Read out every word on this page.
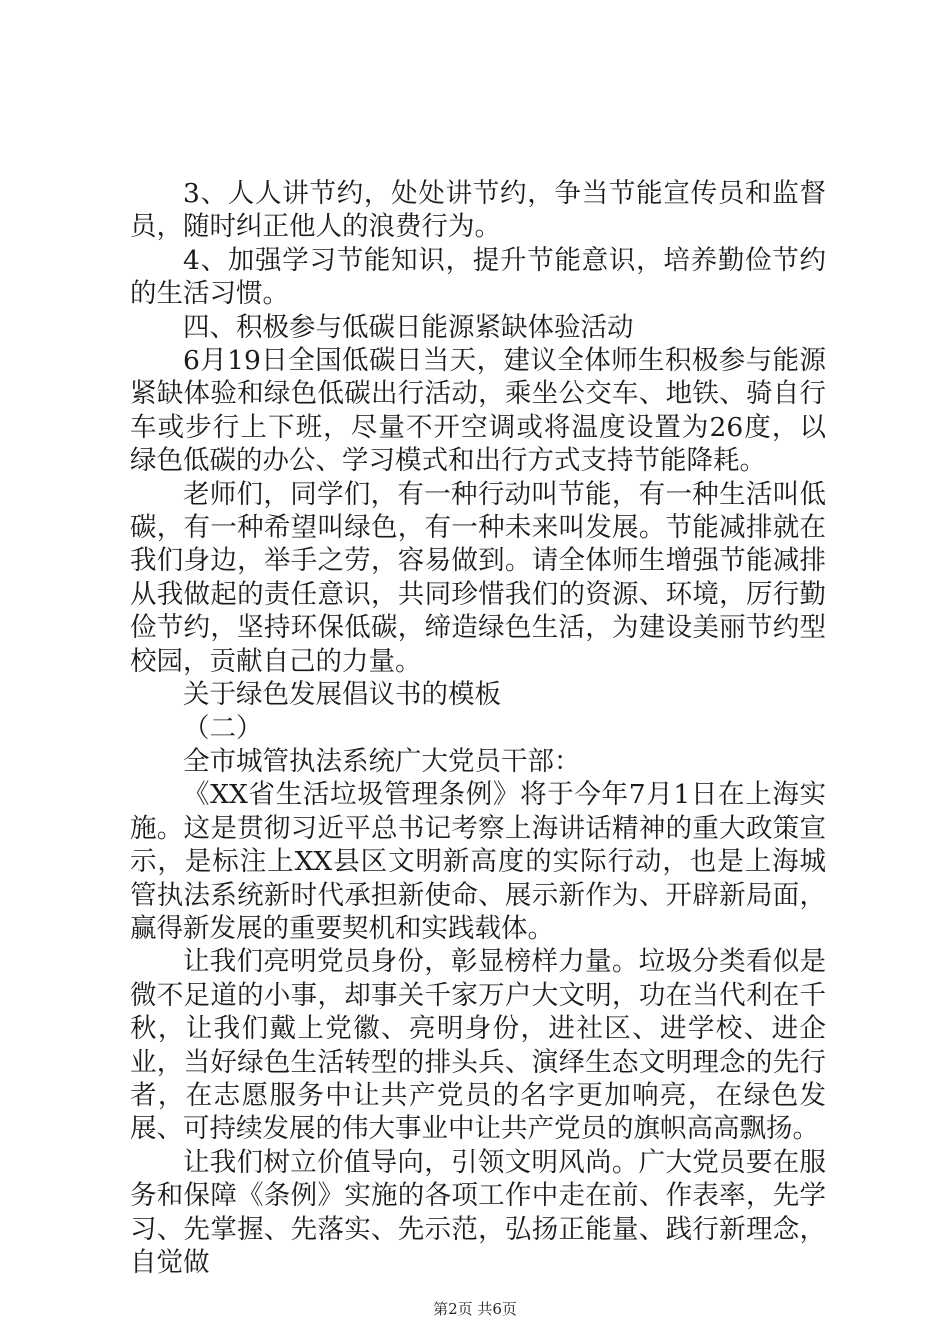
3、人人讲节约，处处讲节约，争当节能宣传员和监督员，随时纠正他人的浪费行为。

4、加强学习节能知识，提升节能意识，培养勤俭节约的生活习惯。

四、积极参与低碳日能源紧缺体验活动

6月19日全国低碳日当天，建议全体师生积极参与能源紧缺体验和绿色低碳出行活动，乘坐公交车、地铁、骑自行车或步行上下班，尽量不开空调或将温度设置为26度，以绿色低碳的办公、学习模式和出行方式支持节能降耗。

老师们，同学们，有一种行动叫节能，有一种生活叫低碳，有一种希望叫绿色，有一种未来叫发展。节能减排就在我们身边，举手之劳，容易做到。请全体师生增强节能减排从我做起的责任意识，共同珍惜我们的资源、环境，厉行勤俭节约，坚持环保低碳，缔造绿色生活，为建设美丽节约型校园，贡献自己的力量。

关于绿色发展倡议书的模板

（二）

全市城管执法系统广大党员干部：

《XX省生活垃圾管理条例》将于今年7月1日在上海实施。这是贯彻习近平总书记考察上海讲话精神的重大政策宣示，是标注上XX县区文明新高度的实际行动，也是上海城管执法系统新时代承担新使命、展示新作为、开辟新局面，赢得新发展的重要契机和实践载体。

让我们亮明党员身份，彰显榜样力量。垃圾分类看似是微不足道的小事，却事关千家万户大文明，功在当代利在千秋，让我们戴上党徽、亮明身份，进社区、进学校、进企业，当好绿色生活转型的排头兵、演绎生态文明理念的先行者，在志愿服务中让共产党员的名字更加响亮，在绿色发展、可持续发展的伟大事业中让共产党员的旗帜高高飘扬。

让我们树立价值导向，引领文明风尚。广大党员要在服务和保障《条例》实施的各项工作中走在前、作表率，先学习、先掌握、先落实、先示范，弘扬正能量、践行新理念，自觉做

第2页 共6页
